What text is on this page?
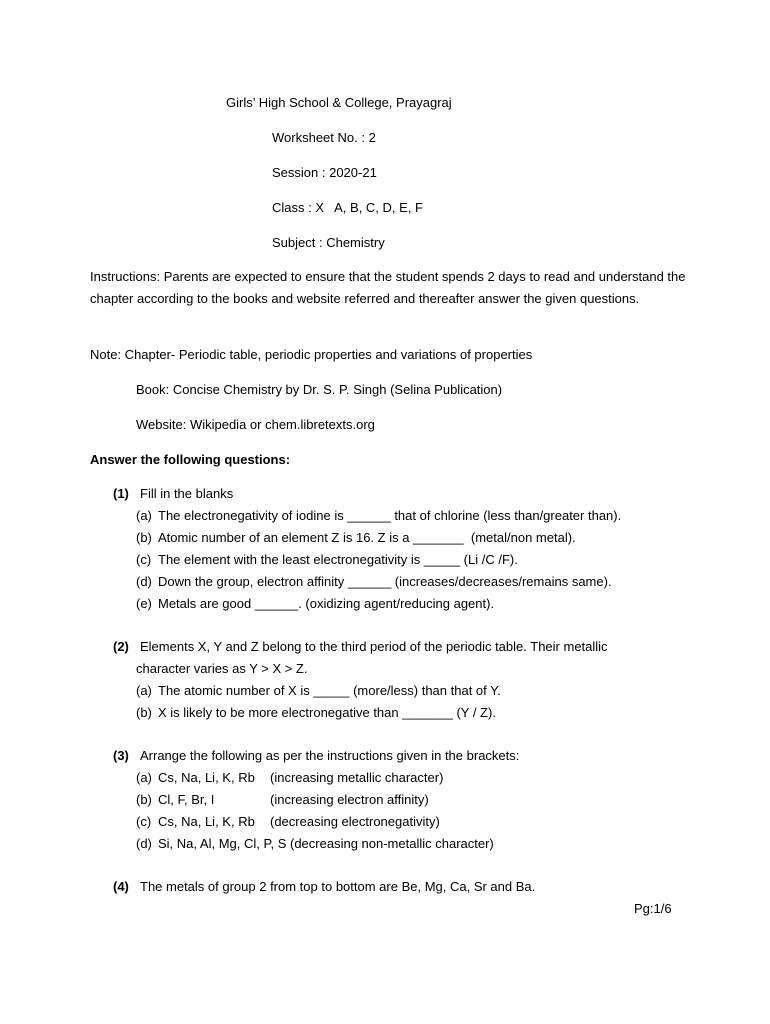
Girls’ High School & College, Prayagraj
Worksheet No. : 2
Session : 2020-21
Class : X   A, B, C, D, E, F
Subject : Chemistry
Instructions: Parents are expected to ensure that the student spends 2 days to read and understand the chapter according to the books and website referred and thereafter answer the given questions.
Note: Chapter- Periodic table, periodic properties and variations of properties
Book: Concise Chemistry by Dr. S. P. Singh (Selina Publication)
Website: Wikipedia or chem.libretexts.org
Answer the following questions:
(1) Fill in the blanks
(a) The electronegativity of iodine is ______ that of chlorine (less than/greater than).
(b) Atomic number of an element Z is 16. Z is a _______  (metal/non metal).
(c) The element with the least electronegativity is _____ (Li /C /F).
(d) Down the group, electron affinity ______ (increases/decreases/remains same).
(e) Metals are good ______. (oxidizing agent/reducing agent).
(2) Elements X, Y and Z belong to the third period of the periodic table. Their metallic
character varies as Y > X > Z.
(a) The atomic number of X is _____ (more/less) than that of Y.
(b) X is likely to be more electronegative than _______ (Y / Z).
(3) Arrange the following as per the instructions given in the brackets:
(a) Cs, Na, Li, K, Rb (increasing metallic character)
(b) Cl, F, Br, I	(increasing electron affinity)
(c) Cs, Na, Li, K, Rb (decreasing electronegativity)
(d) Si, Na, Al, Mg, Cl, P, S (decreasing non-metallic character)
(4) The metals of group 2 from top to bottom are Be, Mg, Ca, Sr and Ba.
Pg:1/6
